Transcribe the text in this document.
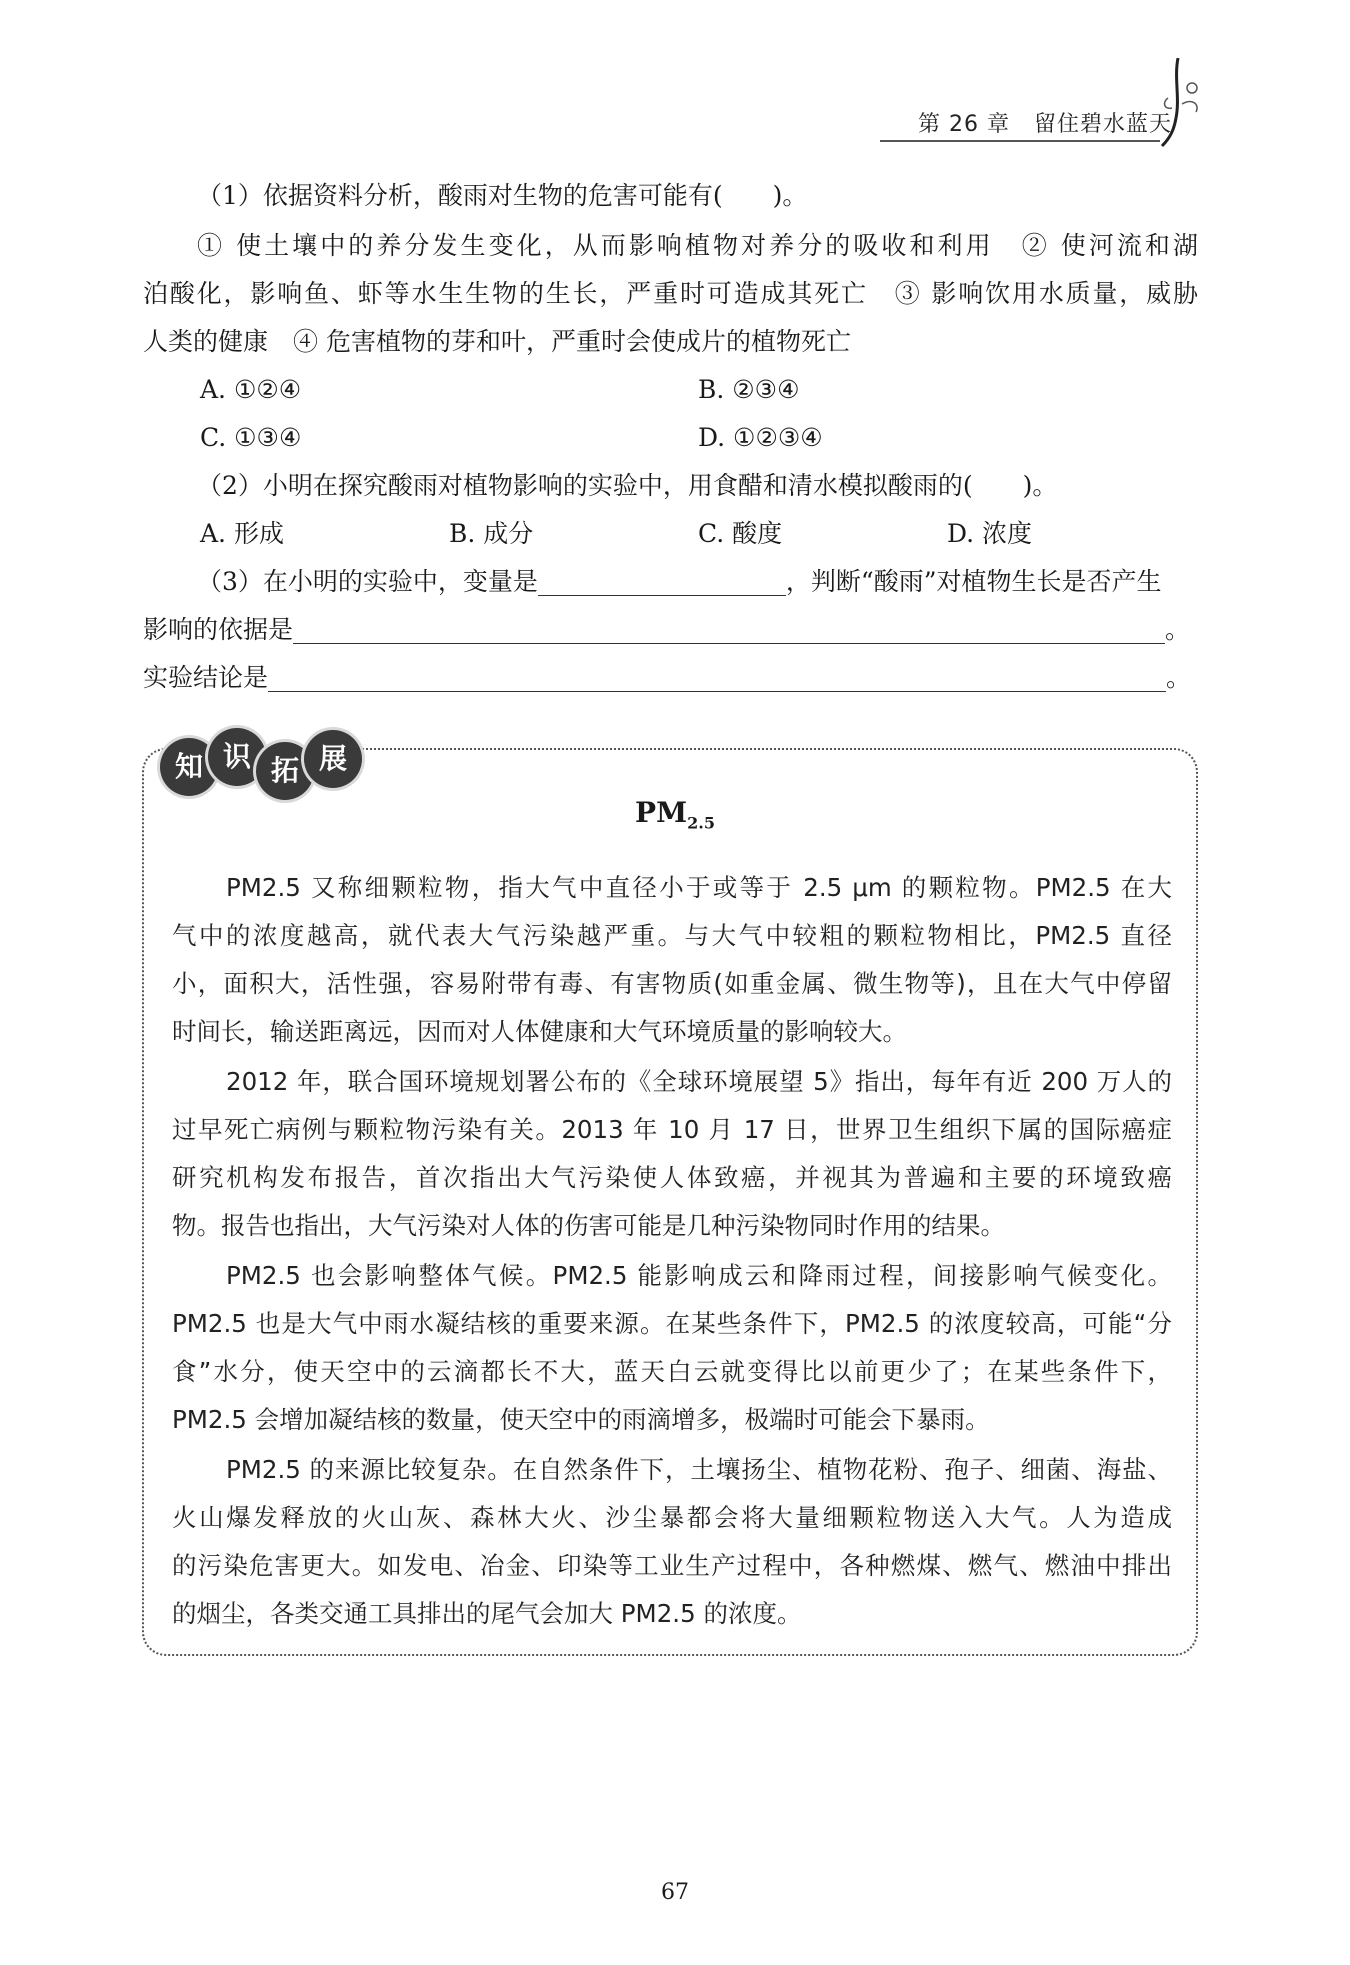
第 26 章 留住碧水蓝天
（1）依据资料分析，酸雨对生物的危害可能有(　　)。
① 使土壤中的养分发生变化，从而影响植物对养分的吸收和利用　② 使河流和湖
泊酸化，影响鱼、虾等水生生物的生长，严重时可造成其死亡　③ 影响饮用水质量，威胁
人类的健康　④ 危害植物的芽和叶，严重时会使成片的植物死亡
A. ①②④	B. ②③④
C. ①③④	D. ①②③④
（2）小明在探究酸雨对植物影响的实验中，用食醋和清水模拟酸雨的(　　)。
A. 形成	B. 成分	C. 酸度	D. 浓度
（3）在小明的实验中，变量是	，判断“酸雨”对植物生长是否产生
影响的依据是	。
实验结论是	。
知 识 拓 展
$PM_{2.5}$
PM2.5 又称细颗粒物，指大气中直径小于或等于 2.5 μm 的颗粒物。PM2.5 在大
气中的浓度越高，就代表大气污染越严重。与大气中较粗的颗粒物相比，PM2.5 直径
小，面积大，活性强，容易附带有毒、有害物质(如重金属、微生物等)，且在大气中停留
时间长，输送距离远，因而对人体健康和大气环境质量的影响较大。
2012 年，联合国环境规划署公布的《全球环境展望 5》指出，每年有近 200 万人的
过早死亡病例与颗粒物污染有关。2013 年 10 月 17 日，世界卫生组织下属的国际癌症
研究机构发布报告，首次指出大气污染使人体致癌，并视其为普遍和主要的环境致癌
物。报告也指出，大气污染对人体的伤害可能是几种污染物同时作用的结果。
PM2.5 也会影响整体气候。PM2.5 能影响成云和降雨过程，间接影响气候变化。
PM2.5 也是大气中雨水凝结核的重要来源。在某些条件下，PM2.5 的浓度较高，可能“分
食”水分，使天空中的云滴都长不大，蓝天白云就变得比以前更少了；在某些条件下，
PM2.5 会增加凝结核的数量，使天空中的雨滴增多，极端时可能会下暴雨。
PM2.5 的来源比较复杂。在自然条件下，土壤扬尘、植物花粉、孢子、细菌、海盐、
火山爆发释放的火山灰、森林大火、沙尘暴都会将大量细颗粒物送入大气。人为造成
的污染危害更大。如发电、冶金、印染等工业生产过程中，各种燃煤、燃气、燃油中排出
的烟尘，各类交通工具排出的尾气会加大 PM2.5 的浓度。
67
